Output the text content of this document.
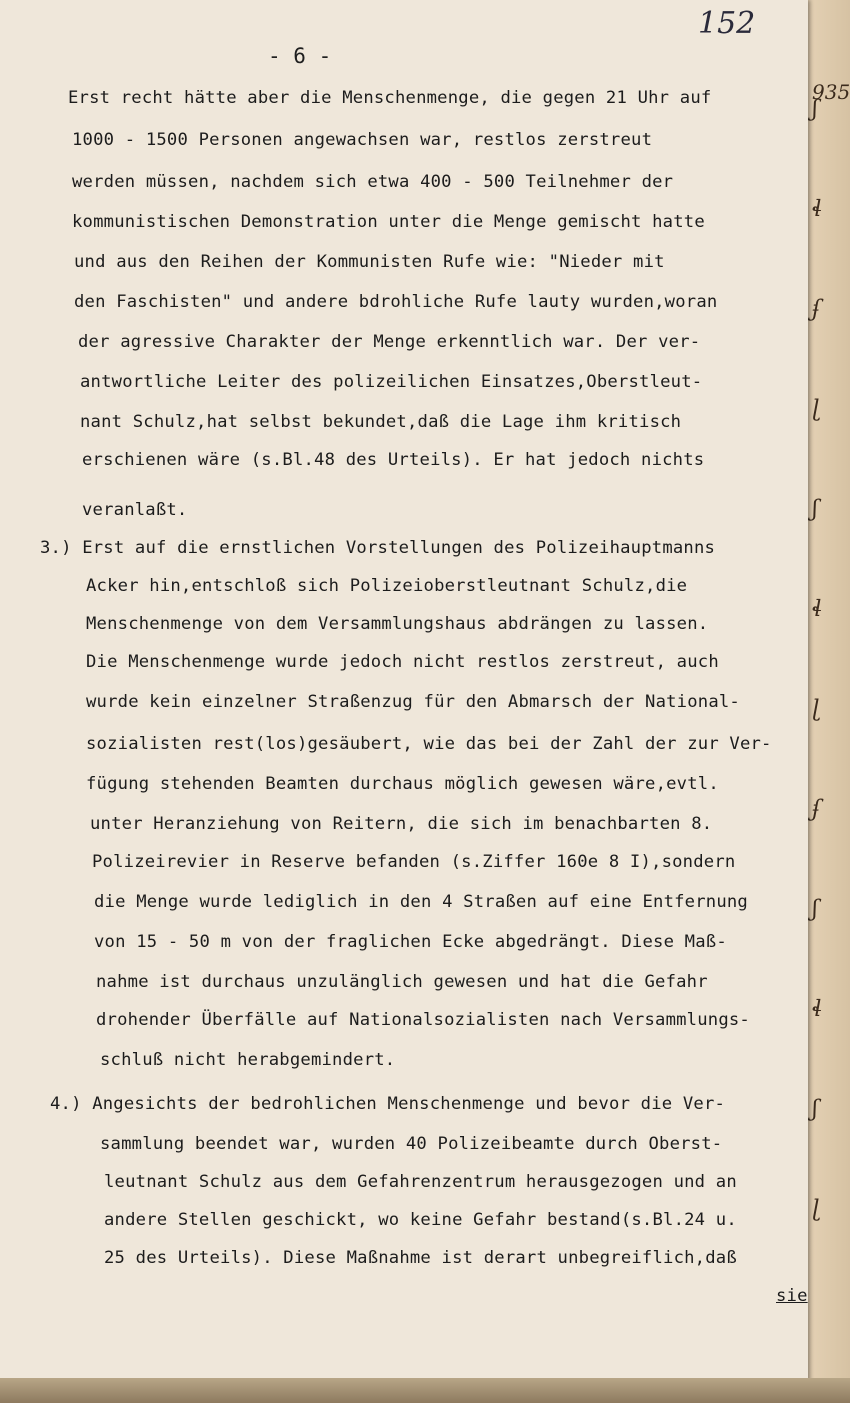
ʃ
ɬ
ʄ
ɭ
ʃ
ɬ
ɭ
ʄ
ʃ
ɬ
ʃ
ɭ
152
- 6 -
Erst recht hätte aber die Menschenmenge, die gegen 21 Uhr auf
1000 - 1500 Personen angewachsen war, restlos zerstreut
werden müssen, nachdem sich etwa 400 - 500 Teilnehmer der
kommunistischen Demonstration unter die Menge gemischt hatte
und aus den Reihen der Kommunisten Rufe wie: "Nieder mit
den Faschisten" und andere bdrohliche Rufe lauty wurden,woran
der agressive Charakter der Menge erkenntlich war. Der ver-
antwortliche Leiter des polizeilichen Einsatzes,Oberstleut-
nant Schulz,hat selbst bekundet,daß die Lage ihm kritisch
erschienen wäre (s.Bl.48 des Urteils). Er hat jedoch nichts
veranlaßt.
3.) Erst auf die ernstlichen Vorstellungen des Polizeihauptmanns
Acker hin,entschloß sich Polizeioberstleutnant Schulz,die
Menschenmenge von dem Versammlungshaus abdrängen zu lassen.
Die Menschenmenge wurde jedoch nicht restlos zerstreut, auch
wurde kein einzelner Straßenzug für den Abmarsch der National-
sozialisten rest(los)gesäubert, wie das bei der Zahl der zur Ver-
fügung stehenden Beamten durchaus möglich gewesen wäre,evtl.
unter Heranziehung von Reitern, die sich im benachbarten 8.
Polizeirevier in Reserve befanden (s.Ziffer 160e 8 I),sondern
die Menge wurde lediglich in den 4 Straßen auf eine Entfernung
von 15 - 50 m von der fraglichen Ecke abgedrängt. Diese Maß-
nahme ist durchaus unzulänglich gewesen und hat die Gefahr
drohender Überfälle auf Nationalsozialisten nach Versammlungs-
schluß nicht herabgemindert.
4.) Angesichts der bedrohlichen Menschenmenge und bevor die Ver-
sammlung beendet war, wurden 40 Polizeibeamte durch Oberst-
leutnant Schulz aus dem Gefahrenzentrum herausgezogen und an
andere Stellen geschickt, wo keine Gefahr bestand(s.Bl.24 u.
25 des Urteils). Diese Maßnahme ist derart unbegreiflich,daß
sie
935
